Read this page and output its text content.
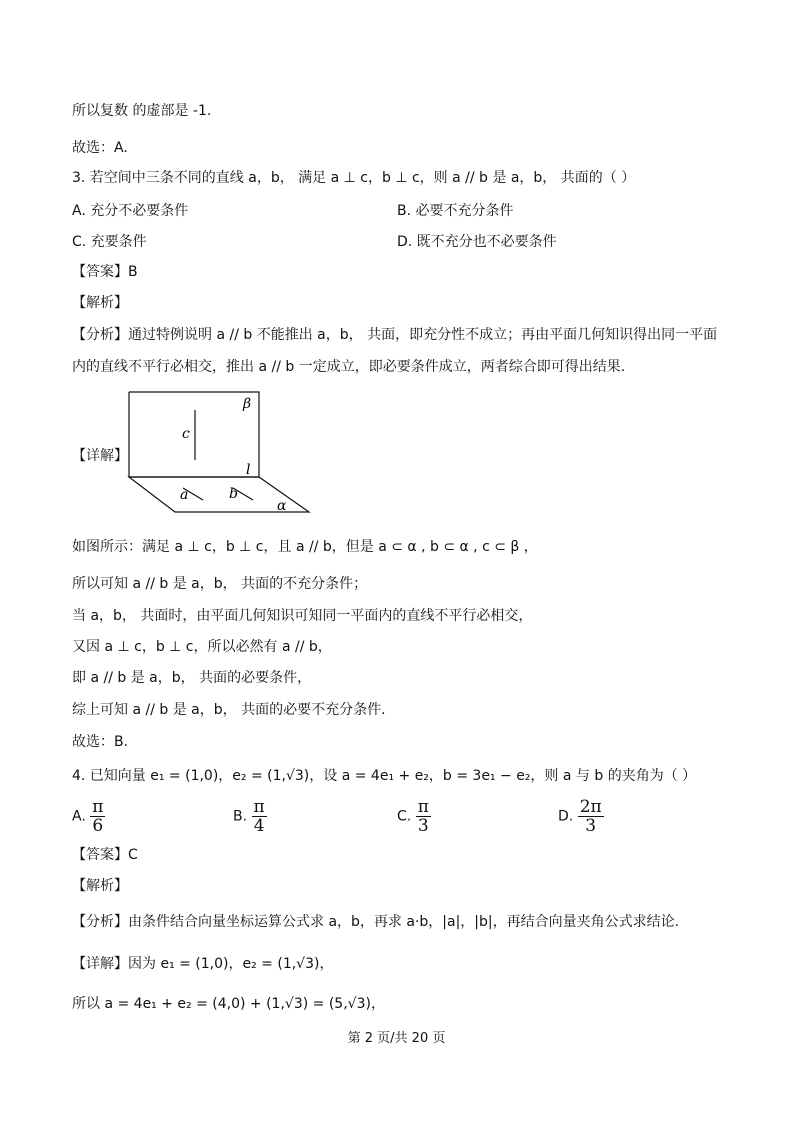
所以复数 的虚部是 -1.
故选：A.
3. 若空间中三条不同的直线 a，b， 满足 a ⊥ c，b ⊥ c，则 a // b 是 a，b， 共面的（ ）
A. 充分不必要条件	B. 必要不充分条件
C. 充要条件	D. 既不充分也不必要条件
【答案】B
【解析】
【分析】通过特例说明 a // b 不能推出 a，b， 共面，即充分性不成立；再由平面几何知识得出同一平面
内的直线不平行必相交，推出 a // b 一定成立，即必要条件成立，两者综合即可得出结果.
【详解】
β
c
l
a	b
α
如图所示：满足 a ⊥ c，b ⊥ c，且 a // b，但是 a ⊂ α , b ⊂ α , c ⊂ β ，
所以可知 a // b 是 a，b， 共面的不充分条件；
当 a，b， 共面时，由平面几何知识可知同一平面内的直线不平行必相交，
又因 a ⊥ c，b ⊥ c，所以必然有 a // b，
即 a // b 是 a，b， 共面的必要条件，
综上可知 a // b 是 a，b， 共面的必要不充分条件.
故选：B.
4. 已知向量 e₁ = (1,0)，e₂ = (1,√3)，设 a = 4e₁ + e₂，b = 3e₁ − e₂，则 a 与 b 的夹角为（ ）
A. $\frac{\pi}{6}$	B. $\frac{\pi}{4}$	C. $\frac{\pi}{3}$	D. $\frac{2\pi}{3}$
【答案】C
【解析】
【分析】由条件结合向量坐标运算公式求 a，b，再求 a·b，|a|，|b|，再结合向量夹角公式求结论.
【详解】因为 e₁ = (1,0)，e₂ = (1,√3)，
所以 a = 4e₁ + e₂ = (4,0) + (1,√3) = (5,√3)，
第 2 页/共 20 页
